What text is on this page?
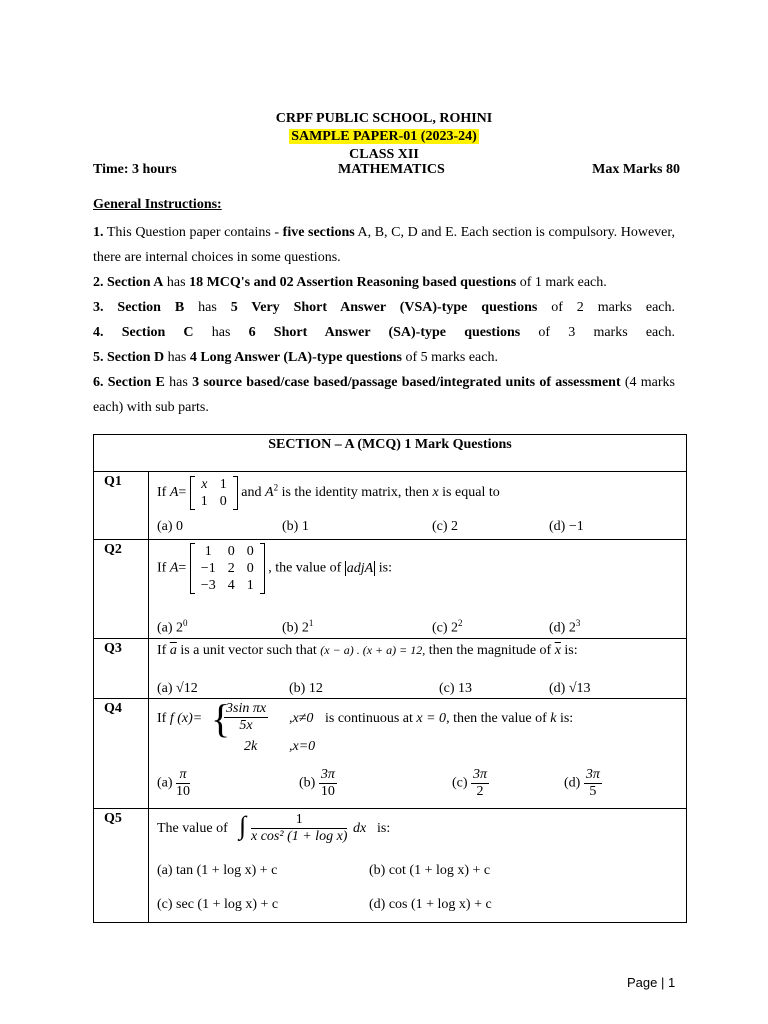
CRPF PUBLIC SCHOOL, ROHINI
SAMPLE PAPER-01 (2023-24)
CLASS XII
Time: 3 hours	MATHEMATICS	Max Marks 80
General Instructions:

1. This Question paper contains - five sections A, B, C, D and E. Each section is compulsory. However, there are internal choices in some questions.

2. Section A has 18 MCQ's and 02 Assertion Reasoning based questions of 1 mark each.

3. Section B has 5 Very Short Answer (VSA)-type questions of 2 marks each.

4. Section C has 6 Short Answer (SA)-type questions of 3 marks each.

5. Section D has 4 Long Answer (LA)-type questions of 5 marks each.

6. Section E has 3 source based/case based/passage based/integrated units of assessment (4 marks each) with sub parts.

SECTION – A (MCQ) 1 Mark Questions
Q1	
If A=
x	1
1	0
and $A^2$ is the identity matrix, then x is equal to
(a) 0	(b) 1	(c) 2	(d) −1

Q2	
If A=
1	0	0
−1	2	0
−3	4	1
, the value of adjA is:
(a) $2^0$	(b) $2^1$	(c) $2^2$	(d) $2^3$

Q3	If $\overline{a}$ is a unit vector such that (x − a) . (x + a) = 12, then the magnitude of $\overline{x}$ is:
(a) √12	(b) 12	(c) 13	(d) √13

Q4	
If f (x)= {
$\frac{\text{3sin πx}}{5x} ,x\ne 0$
2k ,x=0
is continuous at x = 0, then the value of k is:
$(a) \frac{\pi}{10}$	$(b) \frac{3\pi}{10}$	$(c) \frac{3\pi}{2}$	$(d) \frac{3\pi}{5}$

Q5	
The value of ∫ $\frac{1}{\text{x cos² (1 + log x)}}$ dx is:
(a) tan (1 + log x) + c	(b) cot (1 + log x) + c
(c) sec (1 + log x) + c	(d) cos (1 + log x) + c
Page | 1
